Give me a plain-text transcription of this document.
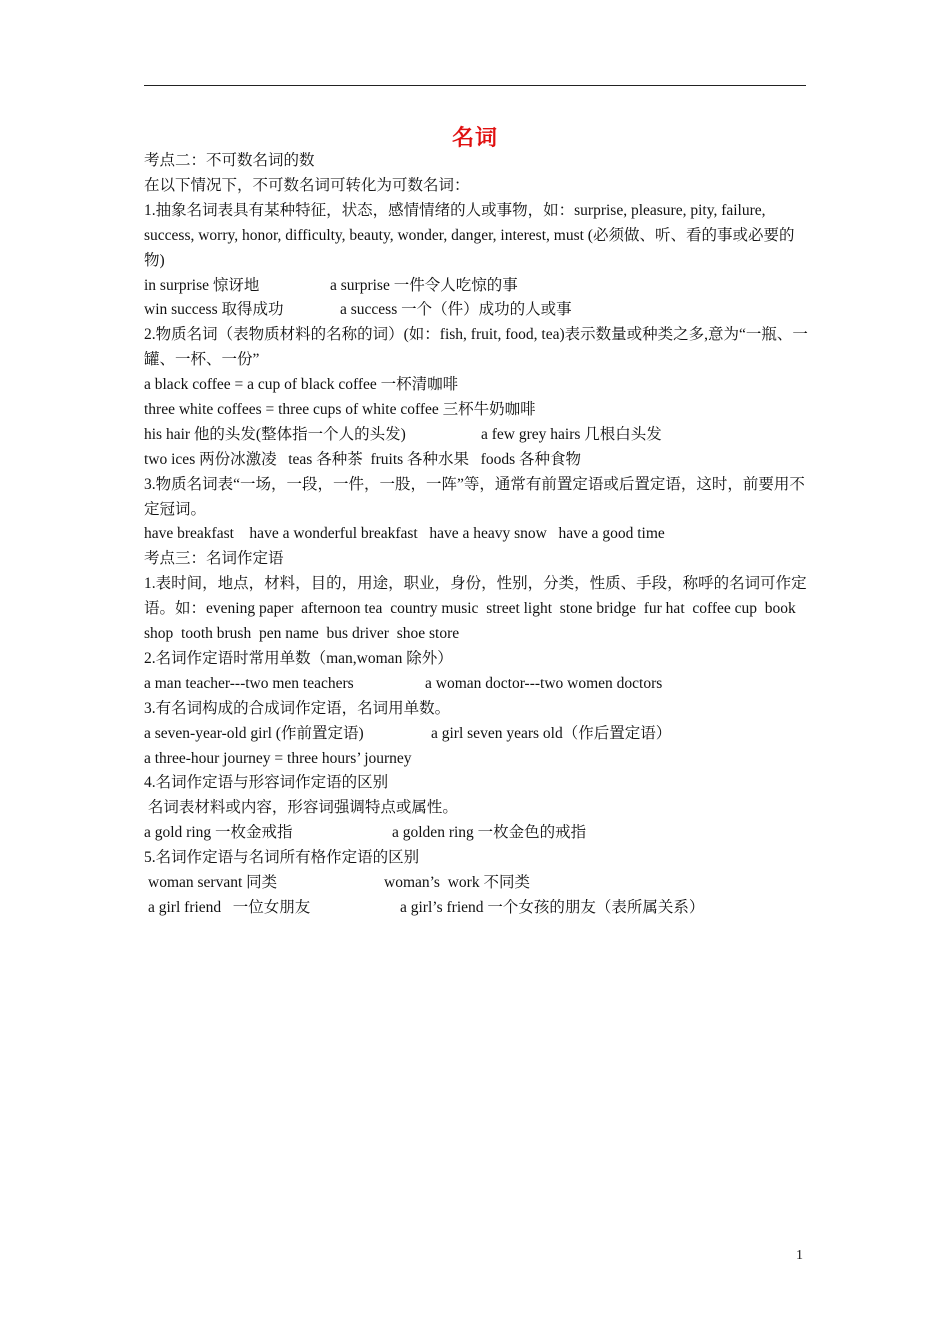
名词
考点二：不可数名词的数
在以下情况下，不可数名词可转化为可数名词：
1.抽象名词表具有某种特征，状态，感情情绪的人或事物，如：surprise, pleasure, pity, failure, success, worry, honor, difficulty, beauty, wonder, danger, interest, must (必须做、听、看的事或必要的物)
in surprise 惊讶地	a surprise 一件令人吃惊的事
win success 取得成功	a success 一个（件）成功的人或事
2.物质名词（表物质材料的名称的词）(如：fish, fruit, food, tea)表示数量或种类之多,意为“一瓶、一罐、一杯、一份”
a black coffee = a cup of black coffee 一杯清咖啡
three white coffees = three cups of white coffee 三杯牛奶咖啡
his hair 他的头发(整体指一个人的头发)	a few grey hairs 几根白头发
two ices 两份冰激凌   teas 各种茶  fruits 各种水果   foods 各种食物
3.物质名词表“一场，一段，一件，一股，一阵”等，通常有前置定语或后置定语，这时，前要用不定冠词。
have breakfast    have a wonderful breakfast   have a heavy snow   have a good time
考点三：名词作定语
1.表时间，地点，材料，目的，用途，职业，身份，性别，分类，性质、手段，称呼的名词可作定语。如：evening paper  afternoon tea  country music  street light  stone bridge  fur hat  coffee cup  book shop  tooth brush  pen name  bus driver  shoe store
2.名词作定语时常用单数（man,woman 除外）
a man teacher---two men teachers	a woman doctor---two women doctors
3.有名词构成的合成词作定语，名词用单数。
a seven-year-old girl (作前置定语)	a girl seven years old（作后置定语）
a three-hour journey = three hours’ journey
4.名词作定语与形容词作定语的区别
名词表材料或内容，形容词强调特点或属性。
a gold ring 一枚金戒指	a golden ring 一枚金色的戒指
5.名词作定语与名词所有格作定语的区别
woman servant 同类	woman’s  work 不同类
a girl friend   一位女朋友	a girl’s friend 一个女孩的朋友（表所属关系）
1
